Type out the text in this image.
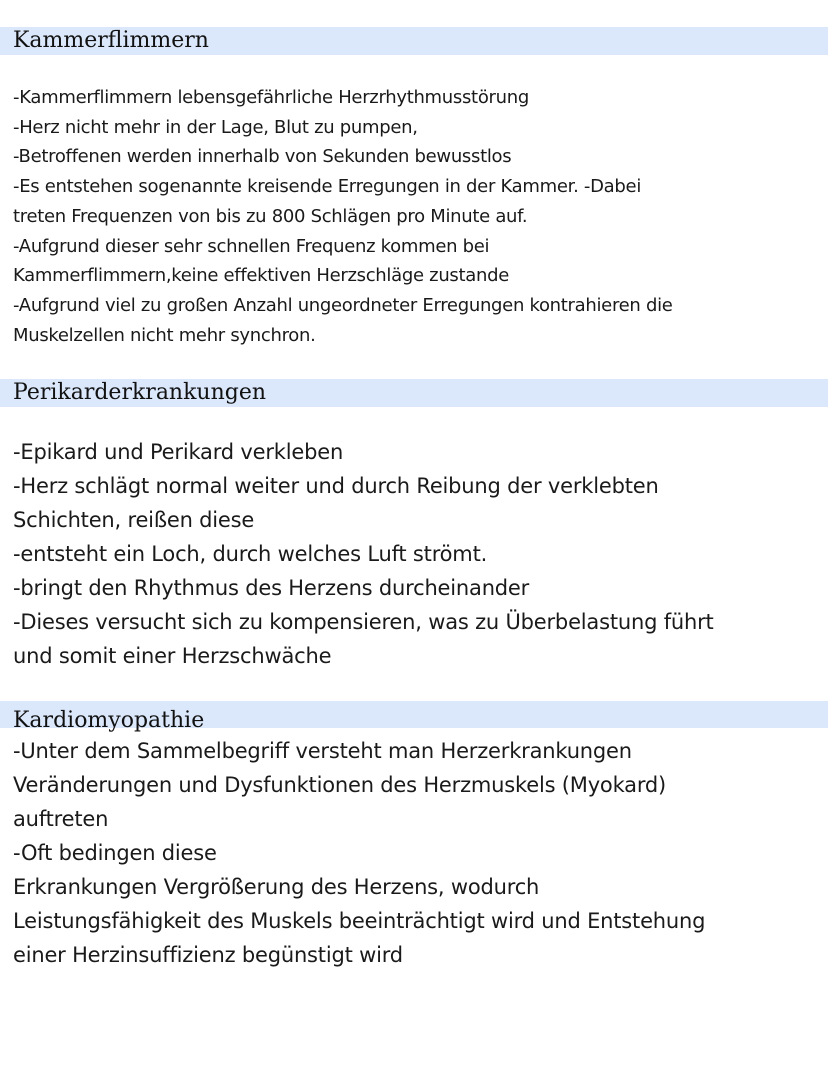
Kammerflimmern
-Kammerflimmern lebensgefährliche Herzrhythmusstörung
-Herz nicht mehr in der Lage, Blut zu pumpen,
-Betroffenen werden innerhalb von Sekunden bewusstlos
-Es entstehen sogenannte kreisende Erregungen in der Kammer. -Dabei
treten Frequenzen von bis zu 800 Schlägen pro Minute auf.
-Aufgrund dieser sehr schnellen Frequenz kommen bei
Kammerflimmern,keine effektiven Herzschläge zustande
-Aufgrund viel zu großen Anzahl ungeordneter Erregungen kontrahieren die
Muskelzellen nicht mehr synchron.
Perikarderkrankungen
-Epikard und Perikard verkleben
-Herz schlägt normal weiter und durch Reibung der verklebten
Schichten, reißen diese
-entsteht ein Loch, durch welches Luft strömt.
-bringt den Rhythmus des Herzens durcheinander
-Dieses versucht sich zu kompensieren, was zu Überbelastung führt
und somit einer Herzschwäche
Kardiomyopathie
-Unter dem Sammelbegriff versteht man Herzerkrankungen
Veränderungen und Dysfunktionen des Herzmuskels (Myokard)
auftreten
-Oft bedingen diese
Erkrankungen Vergrößerung des Herzens, wodurch
Leistungsfähigkeit des Muskels beeinträchtigt wird und Entstehung
einer Herzinsuffizienz begünstigt wird
